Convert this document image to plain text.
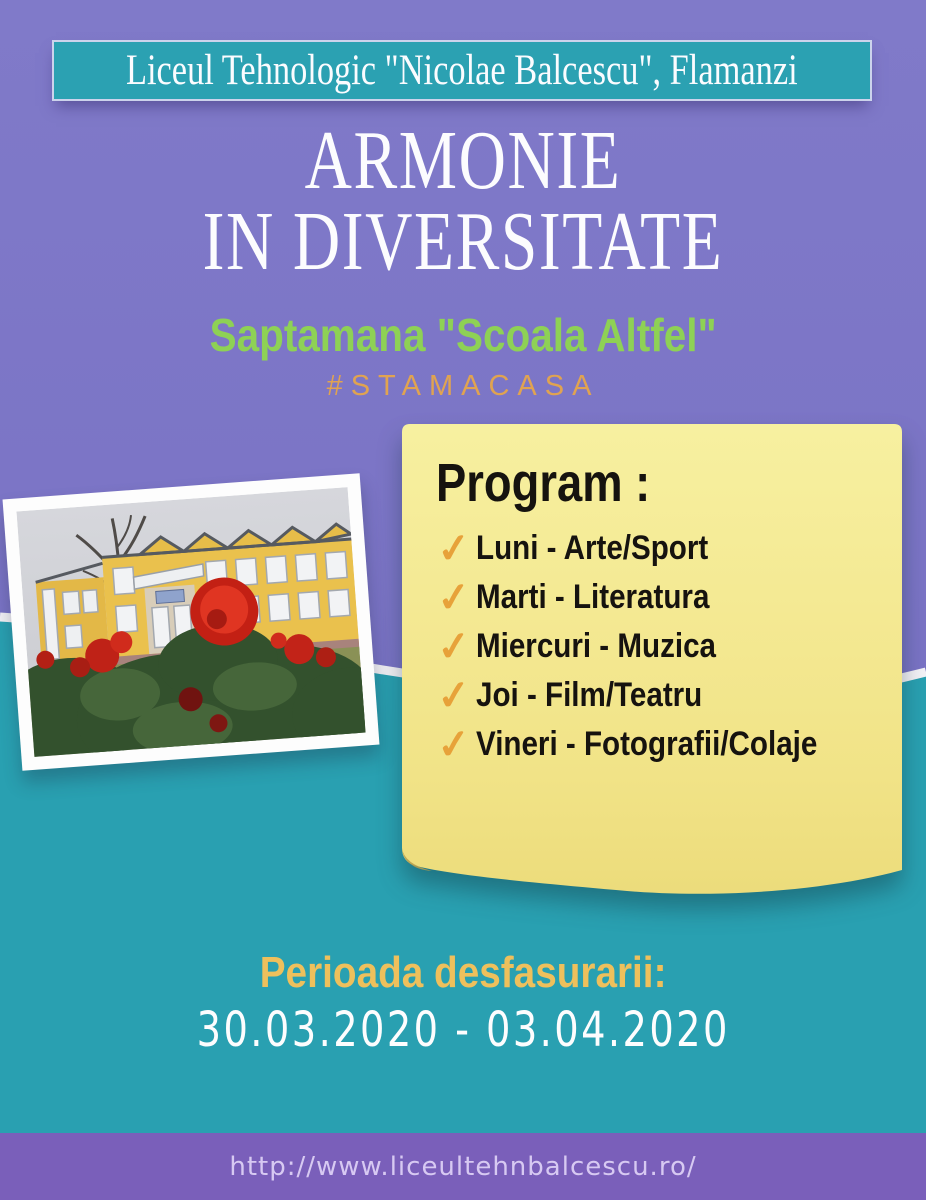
Liceul Tehnologic "Nicolae Balcescu", Flamanzi
ARMONIE
IN DIVERSITATE
Saptamana "Scoala Altfel"
#STAMACASA
Program :
✓ Luni - Arte/Sport
✓ Marti - Literatura
✓ Miercuri - Muzica
✓ Joi - Film/Teatru
✓ Vineri - Fotografii/Colaje
Perioada desfasurarii:
30.03.2020 - 03.04.2020
http://www.liceultehnbalcescu.ro/
